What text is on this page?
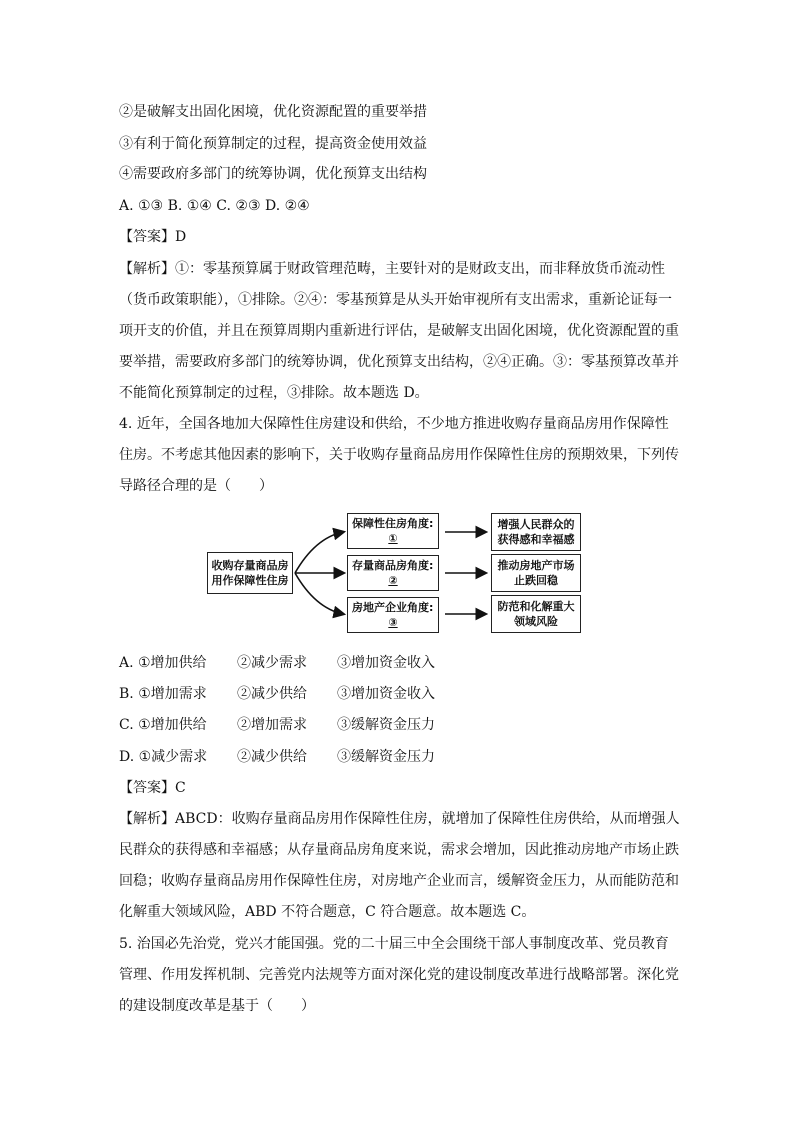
②是破解支出固化困境，优化资源配置的重要举措
③有利于简化预算制定的过程，提高资金使用效益
④需要政府多部门的统筹协调，优化预算支出结构
A. ①③ B. ①④ C. ②③ D. ②④
【答案】D
【解析】①：零基预算属于财政管理范畴，主要针对的是财政支出，而非释放货币流动性
（货币政策职能），①排除。②④：零基预算是从头开始审视所有支出需求，重新论证每一
项开支的价值，并且在预算周期内重新进行评估，是破解支出固化困境，优化资源配置的重
要举措，需要政府多部门的统筹协调，优化预算支出结构，②④正确。③：零基预算改革并
不能简化预算制定的过程，③排除。故本题选 D。
4. 近年，全国各地加大保障性住房建设和供给，不少地方推进收购存量商品房用作保障性
住房。不考虑其他因素的影响下，关于收购存量商品房用作保障性住房的预期效果，下列传
导路径合理的是（　　）
收购存量商品房
用作保障性住房
保障性住房角度:
①
存量商品房角度:
②
房地产企业角度:
③
增强人民群众的
获得感和幸福感
推动房地产市场
止跌回稳
防范和化解重大
领域风险
A. ①增加供给 ②减少需求 ③增加资金收入
B. ①增加需求 ②减少供给 ③增加资金收入
C. ①增加供给 ②增加需求 ③缓解资金压力
D. ①减少需求 ②减少供给 ③缓解资金压力
【答案】C
【解析】ABCD：收购存量商品房用作保障性住房，就增加了保障性住房供给，从而增强人
民群众的获得感和幸福感；从存量商品房角度来说，需求会增加，因此推动房地产市场止跌
回稳；收购存量商品房用作保障性住房，对房地产企业而言，缓解资金压力，从而能防范和
化解重大领域风险，ABD 不符合题意，C 符合题意。故本题选 C。
5. 治国必先治党，党兴才能国强。党的二十届三中全会围绕干部人事制度改革、党员教育
管理、作用发挥机制、完善党内法规等方面对深化党的建设制度改革进行战略部署。深化党
的建设制度改革是基于（　　）
